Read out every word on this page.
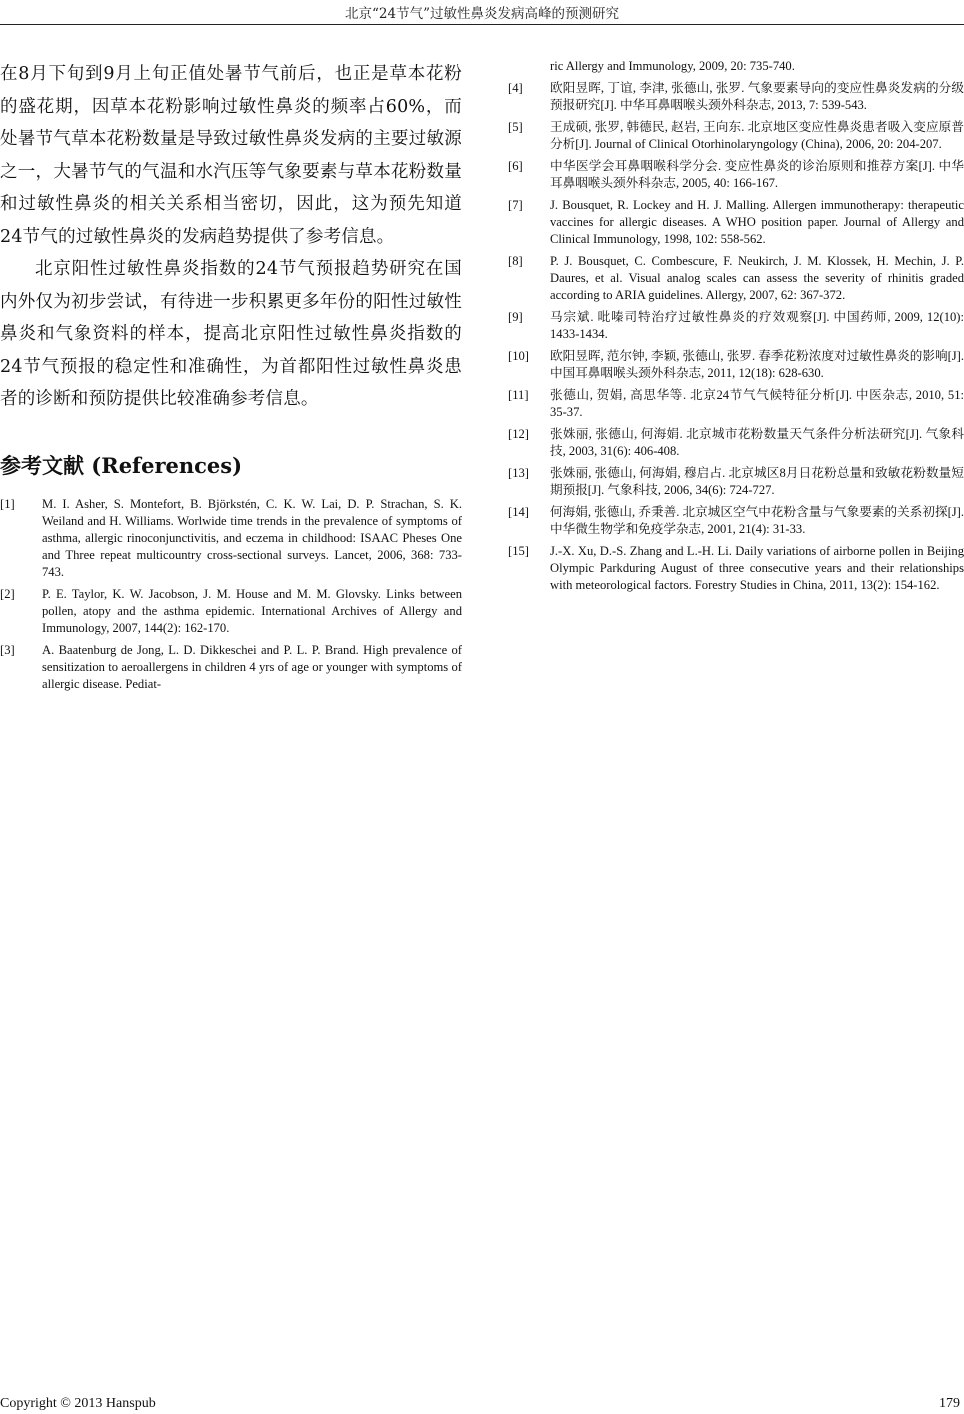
北京“24节气”过敏性鼻炎发病高峰的预测研究

在8月下旬到9月上旬正值处暑节气前后，也正是草本花粉的盛花期，因草本花粉影响过敏性鼻炎的频率占60%，而处暑节气草本花粉数量是导致过敏性鼻炎发病的主要过敏源之一，大暑节气的气温和水汽压等气象要素与草本花粉数量和过敏性鼻炎的相关关系相当密切，因此，这为预先知道24节气的过敏性鼻炎的发病趋势提供了参考信息。

北京阳性过敏性鼻炎指数的24节气预报趋势研究在国内外仅为初步尝试，有待进一步积累更多年份的阳性过敏性鼻炎和气象资料的样本，提高北京阳性过敏性鼻炎指数的24节气预报的稳定性和准确性，为首都阳性过敏性鼻炎患者的诊断和预防提供比较准确参考信息。

参考文献 (References)
[1] M. I. Asher, S. Montefort, B. Björkstén, C. K. W. Lai, D. P. Strachan, S. K. Weiland and H. Williams. Worlwide time trends in the prevalence of symptoms of asthma, allergic rinoconjunctivitis, and eczema in childhood: ISAAC Pheses One and Three repeat multicountry cross-sectional surveys. Lancet, 2006, 368: 733-743.
[2] P. E. Taylor, K. W. Jacobson, J. M. House and M. M. Glovsky. Links between pollen, atopy and the asthma epidemic. International Archives of Allergy and Immunology, 2007, 144(2): 162-170.
[3] A. Baatenburg de Jong, L. D. Dikkeschei and P. L. P. Brand. High prevalence of sensitization to aeroallergens in children 4 yrs of age or younger with symptoms of allergic disease. Pediat-
ric Allergy and Immunology, 2009, 20: 735-740.
[4] 欧阳昱晖, 丁谊, 李津, 张德山, 张罗. 气象要素导向的变应性鼻炎发病的分级预报研究[J]. 中华耳鼻咽喉头颈外科杂志, 2013, 7: 539-543.
[5] 王成硕, 张罗, 韩德民, 赵岩, 王向东. 北京地区变应性鼻炎患者吸入变应原普分析[J]. Journal of Clinical Otorhinolaryngology (China), 2006, 20: 204-207.
[6] 中华医学会耳鼻咽喉科学分会. 变应性鼻炎的诊治原则和推荐方案[J]. 中华耳鼻咽喉头颈外科杂志, 2005, 40: 166-167.
[7] J. Bousquet, R. Lockey and H. J. Malling. Allergen immunotherapy: therapeutic vaccines for allergic diseases. A WHO position paper. Journal of Allergy and Clinical Immunology, 1998, 102: 558-562.
[8] P. J. Bousquet, C. Combescure, F. Neukirch, J. M. Klossek, H. Mechin, J. P. Daures, et al. Visual analog scales can assess the severity of rhinitis graded according to ARIA guidelines. Allergy, 2007, 62: 367-372.
[9] 马宗斌. 吡嗪司特治疗过敏性鼻炎的疗效观察[J]. 中国药师, 2009, 12(10): 1433-1434.
[10] 欧阳昱晖, 范尔钟, 李颖, 张德山, 张罗. 春季花粉浓度对过敏性鼻炎的影响[J]. 中国耳鼻咽喉头颈外科杂志, 2011, 12(18): 628-630.
[11] 张德山, 贺娟, 高思华等. 北京24节气气候特征分析[J]. 中医杂志, 2010, 51: 35-37.
[12] 张姝丽, 张德山, 何海娟. 北京城市花粉数量天气条件分析法研究[J]. 气象科技, 2003, 31(6): 406-408.
[13] 张姝丽, 张德山, 何海娟, 穆启占. 北京城区8月日花粉总量和致敏花粉数量短期预报[J]. 气象科技, 2006, 34(6): 724-727.
[14] 何海娟, 张德山, 乔秉善. 北京城区空气中花粉含量与气象要素的关系初探[J]. 中华微生物学和免疫学杂志, 2001, 21(4): 31-33.
[15] J.-X. Xu, D.-S. Zhang and L.-H. Li. Daily variations of airborne pollen in Beijing Olympic Parkduring August of three consecutive years and their relationships with meteorological factors. Forestry Studies in China, 2011, 13(2): 154-162.
Copyright © 2013 Hanspub	179
